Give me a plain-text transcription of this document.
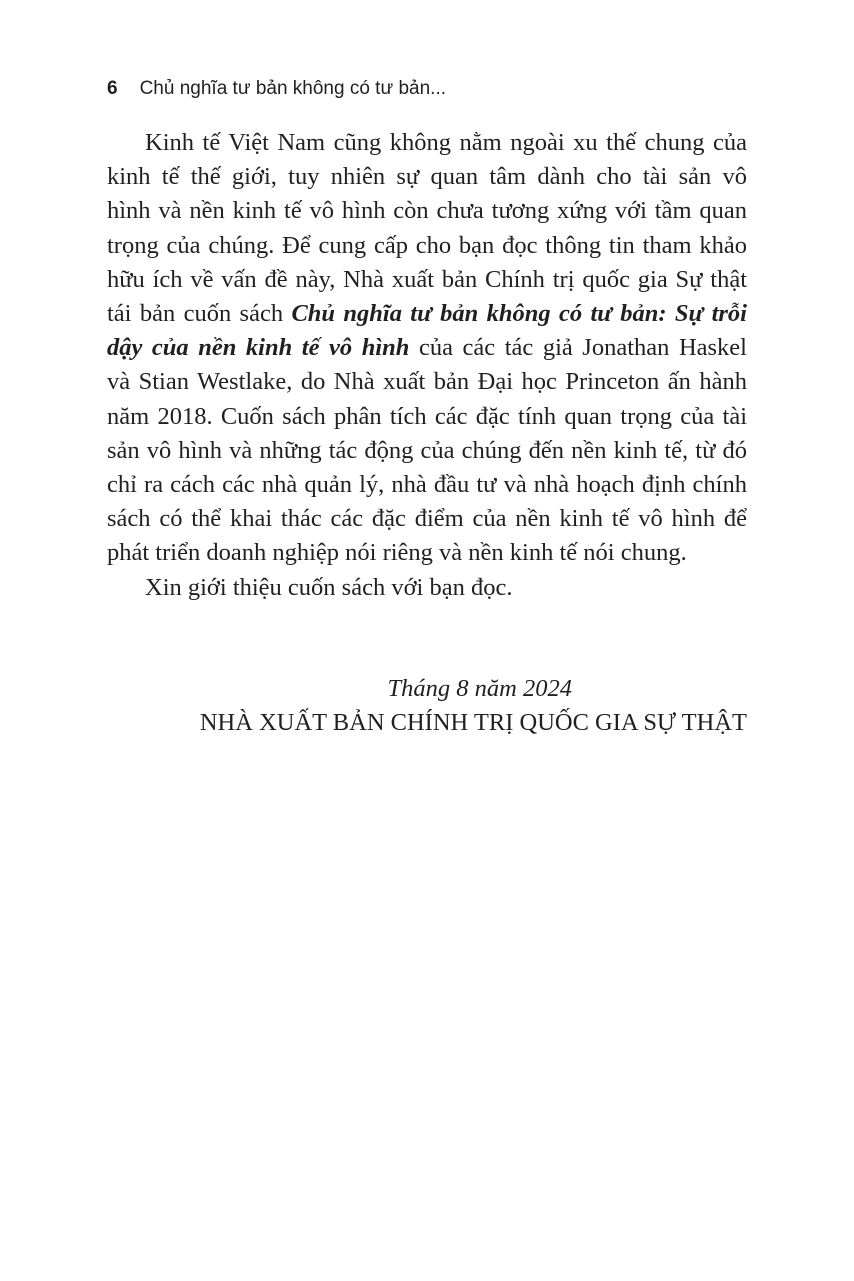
6 Chủ nghĩa tư bản không có tư bản...
Kinh tế Việt Nam cũng không nằm ngoài xu thế chung của
kinh tế thế giới, tuy nhiên sự quan tâm dành cho tài sản vô
hình và nền kinh tế vô hình còn chưa tương xứng với tầm quan
trọng của chúng. Để cung cấp cho bạn đọc thông tin tham khảo
hữu ích về vấn đề này, Nhà xuất bản Chính trị quốc gia Sự thật
tái bản cuốn sách Chủ nghĩa tư bản không có tư bản: Sự trỗi
dậy của nền kinh tế vô hình của các tác giả Jonathan Haskel
và Stian Westlake, do Nhà xuất bản Đại học Princeton ấn hành
năm 2018. Cuốn sách phân tích các đặc tính quan trọng của tài
sản vô hình và những tác động của chúng đến nền kinh tế, từ đó
chỉ ra cách các nhà quản lý, nhà đầu tư và nhà hoạch định chính
sách có thể khai thác các đặc điểm của nền kinh tế vô hình để
phát triển doanh nghiệp nói riêng và nền kinh tế nói chung.
Xin giới thiệu cuốn sách với bạn đọc.
Tháng 8 năm 2024
NHÀ XUẤT BẢN CHÍNH TRỊ QUỐC GIA SỰ THẬT
